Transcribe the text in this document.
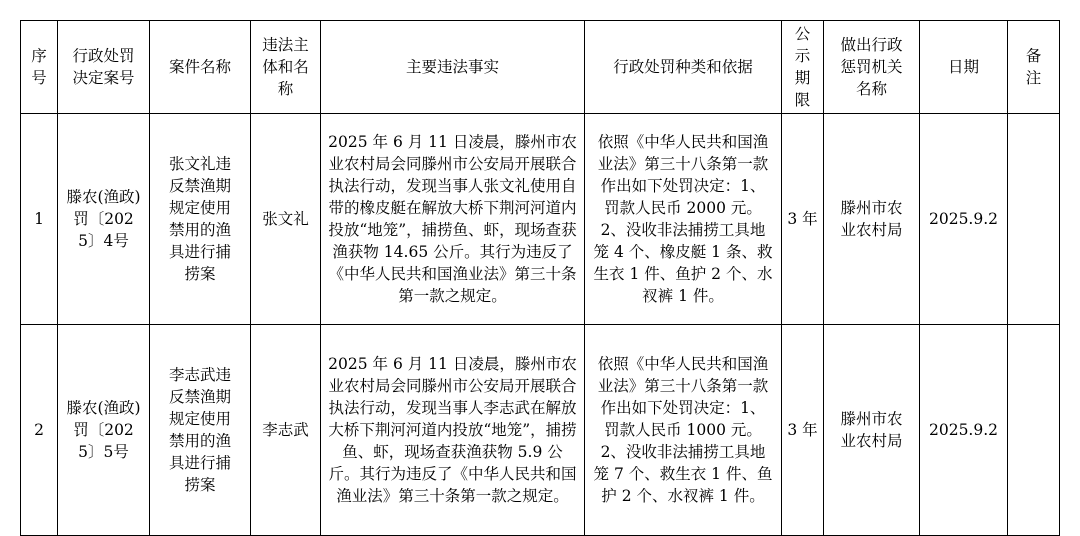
序号	行政处罚决定案号	案件名称	违法主体和名称	主要违法事实	行政处罚种类和依据	公示期限	做出行政惩罚机关名称	日期	备注
1	滕农(渔政)罚〔2025〕4号	张文礼违反禁渔期规定使用禁用的渔具进行捕捞案	张文礼	2025 年 6 月 11 日凌晨，滕州市农业农村局会同滕州市公安局开展联合执法行动，发现当事人张文礼使用自带的橡皮艇在解放大桥下荆河河道内投放“地笼”，捕捞鱼、虾，现场查获渔获物 14.65 公斤。其行为违反了《中华人民共和国渔业法》第三十条第一款之规定。	依照《中华人民共和国渔业法》第三十八条第一款作出如下处罚决定：1、罚款人民币 2000 元。2、没收非法捕捞工具地笼 4 个、橡皮艇 1 条、救生衣 1 件、鱼护 2 个、水衩裤 1 件。	3 年	滕州市农业农村局	2025.9.2	
2	滕农(渔政)罚〔2025〕5号	李志武违反禁渔期规定使用禁用的渔具进行捕捞案	李志武	2025 年 6 月 11 日凌晨，滕州市农业农村局会同滕州市公安局开展联合执法行动，发现当事人李志武在解放大桥下荆河河道内投放“地笼”，捕捞鱼、虾，现场查获渔获物 5.9 公斤。其行为违反了《中华人民共和国渔业法》第三十条第一款之规定。	依照《中华人民共和国渔业法》第三十八条第一款作出如下处罚决定：1、罚款人民币 1000 元。2、没收非法捕捞工具地笼 7 个、救生衣 1 件、鱼护 2 个、水衩裤 1 件。	3 年	滕州市农业农村局	2025.9.2	
